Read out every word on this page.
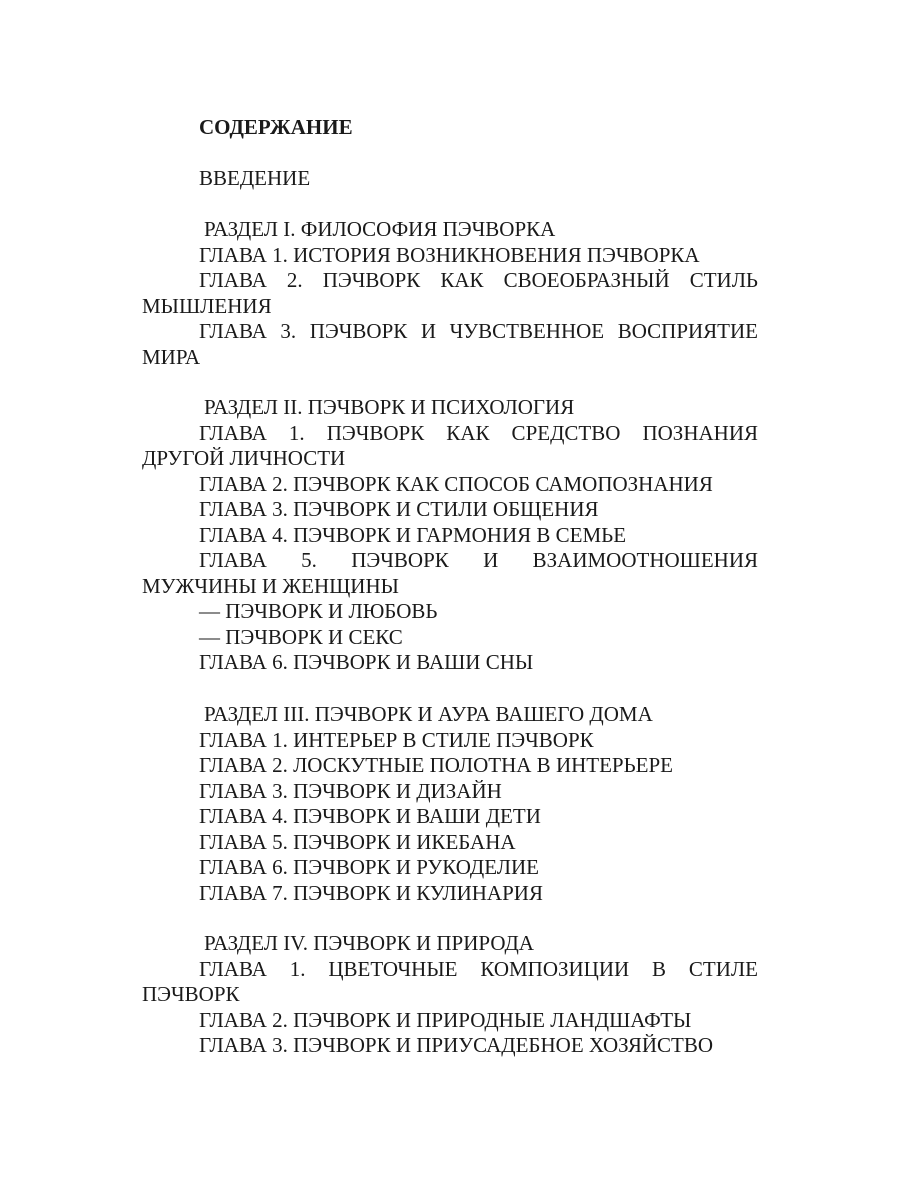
СОДЕРЖАНИЕ

ВВЕДЕНИЕ

РАЗДЕЛ I. ФИЛОСОФИЯ ПЭЧВОРКА
ГЛАВА 1. ИСТОРИЯ ВОЗНИКНОВЕНИЯ ПЭЧВОРКА
ГЛАВА 2. ПЭЧВОРК КАК СВОЕОБРАЗНЫЙ СТИЛЬ МЫШЛЕНИЯ
ГЛАВА 3. ПЭЧВОРК И ЧУВСТВЕННОЕ ВОСПРИЯТИЕ МИРА
РАЗДЕЛ II. ПЭЧВОРК И ПСИХОЛОГИЯ
ГЛАВА 1. ПЭЧВОРК КАК СРЕДСТВО ПОЗНАНИЯ ДРУГОЙ ЛИЧНОСТИ
ГЛАВА 2. ПЭЧВОРК КАК СПОСОБ САМОПОЗНАНИЯ
ГЛАВА 3. ПЭЧВОРК И СТИЛИ ОБЩЕНИЯ
ГЛАВА 4. ПЭЧВОРК И ГАРМОНИЯ В СЕМЬЕ
ГЛАВА 5. ПЭЧВОРК И ВЗАИМООТНОШЕНИЯ МУЖЧИНЫ И ЖЕНЩИНЫ
— ПЭЧВОРК И ЛЮБОВЬ
— ПЭЧВОРК И СЕКС
ГЛАВА 6. ПЭЧВОРК И ВАШИ СНЫ
РАЗДЕЛ III. ПЭЧВОРК И АУРА ВАШЕГО ДОМА
ГЛАВА 1. ИНТЕРЬЕР В СТИЛЕ ПЭЧВОРК
ГЛАВА 2. ЛОСКУТНЫЕ ПОЛОТНА В ИНТЕРЬЕРЕ
ГЛАВА 3. ПЭЧВОРК И ДИЗАЙН
ГЛАВА 4. ПЭЧВОРК И ВАШИ ДЕТИ
ГЛАВА 5. ПЭЧВОРК И ИКЕБАНА
ГЛАВА 6. ПЭЧВОРК И РУКОДЕЛИЕ
ГЛАВА 7. ПЭЧВОРК И КУЛИНАРИЯ
РАЗДЕЛ IV. ПЭЧВОРК И ПРИРОДА
ГЛАВА 1. ЦВЕТОЧНЫЕ КОМПОЗИЦИИ В СТИЛЕ ПЭЧВОРК
ГЛАВА 2. ПЭЧВОРК И ПРИРОДНЫЕ ЛАНДШАФТЫ
ГЛАВА 3. ПЭЧВОРК И ПРИУСАДЕБНОЕ ХОЗЯЙСТВО
